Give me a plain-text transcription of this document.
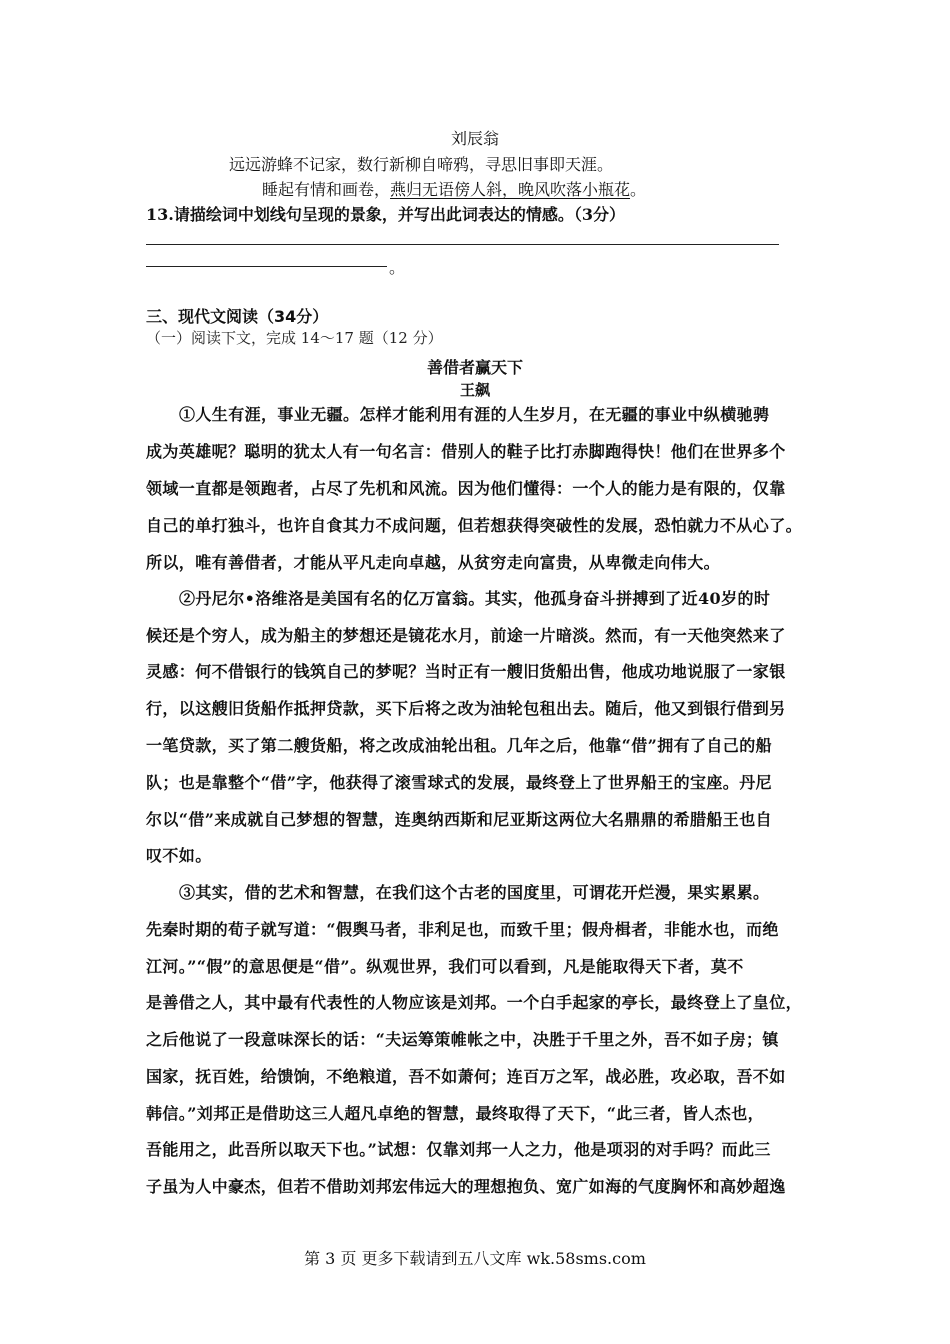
刘辰翁
远远游蜂不记家，数行新柳自啼鸦，寻思旧事即天涯。
睡起有情和画卷，燕归无语傍人斜，晚风吹落小瓶花。
13.请描绘词中划线句呈现的景象，并写出此词表达的情感。（3分）
。
三、现代文阅读（34分）
（一）阅读下文，完成 14～17 题（12 分）
善借者赢天下
王飙
①人生有涯，事业无疆。怎样才能利用有涯的人生岁月，在无疆的事业中纵横驰骋
成为英雄呢？聪明的犹太人有一句名言：借别人的鞋子比打赤脚跑得快！他们在世界多个
领域一直都是领跑者，占尽了先机和风流。因为他们懂得：一个人的能力是有限的，仅靠
自己的单打独斗，也许自食其力不成问题，但若想获得突破性的发展，恐怕就力不从心了。
所以，唯有善借者，才能从平凡走向卓越，从贫穷走向富贵，从卑微走向伟大。
②丹尼尔•洛维洛是美国有名的亿万富翁。其实，他孤身奋斗拼搏到了近40岁的时
候还是个穷人，成为船主的梦想还是镜花水月，前途一片暗淡。然而，有一天他突然来了
灵感：何不借银行的钱筑自己的梦呢？当时正有一艘旧货船出售，他成功地说服了一家银
行，以这艘旧货船作抵押贷款，买下后将之改为油轮包租出去。随后，他又到银行借到另
一笔贷款，买了第二艘货船，将之改成油轮出租。几年之后，他靠“借”拥有了自己的船
队；也是靠整个“借”字，他获得了滚雪球式的发展，最终登上了世界船王的宝座。丹尼
尔以“借”来成就自己梦想的智慧，连奥纳西斯和尼亚斯这两位大名鼎鼎的希腊船王也自
叹不如。
③其实，借的艺术和智慧，在我们这个古老的国度里，可谓花开烂漫，果实累累。
先秦时期的荀子就写道：“假舆马者，非利足也，而致千里；假舟楫者，非能水也，而绝
江河。”“假”的意思便是“借”。纵观世界，我们可以看到，凡是能取得天下者，莫不
是善借之人，其中最有代表性的人物应该是刘邦。一个白手起家的亭长，最终登上了皇位，
之后他说了一段意味深长的话：“夫运筹策帷帐之中，决胜于千里之外，吾不如子房；镇
国家，抚百姓，给馈饷，不绝粮道，吾不如萧何；连百万之军，战必胜，攻必取，吾不如
韩信。”刘邦正是借助这三人超凡卓绝的智慧，最终取得了天下，“此三者，皆人杰也，
吾能用之，此吾所以取天下也。”试想：仅靠刘邦一人之力，他是项羽的对手吗？而此三
子虽为人中豪杰，但若不借助刘邦宏伟远大的理想抱负、宽广如海的气度胸怀和高妙超逸
第 3 页 更多下载请到五八文库 wk.58sms.com
